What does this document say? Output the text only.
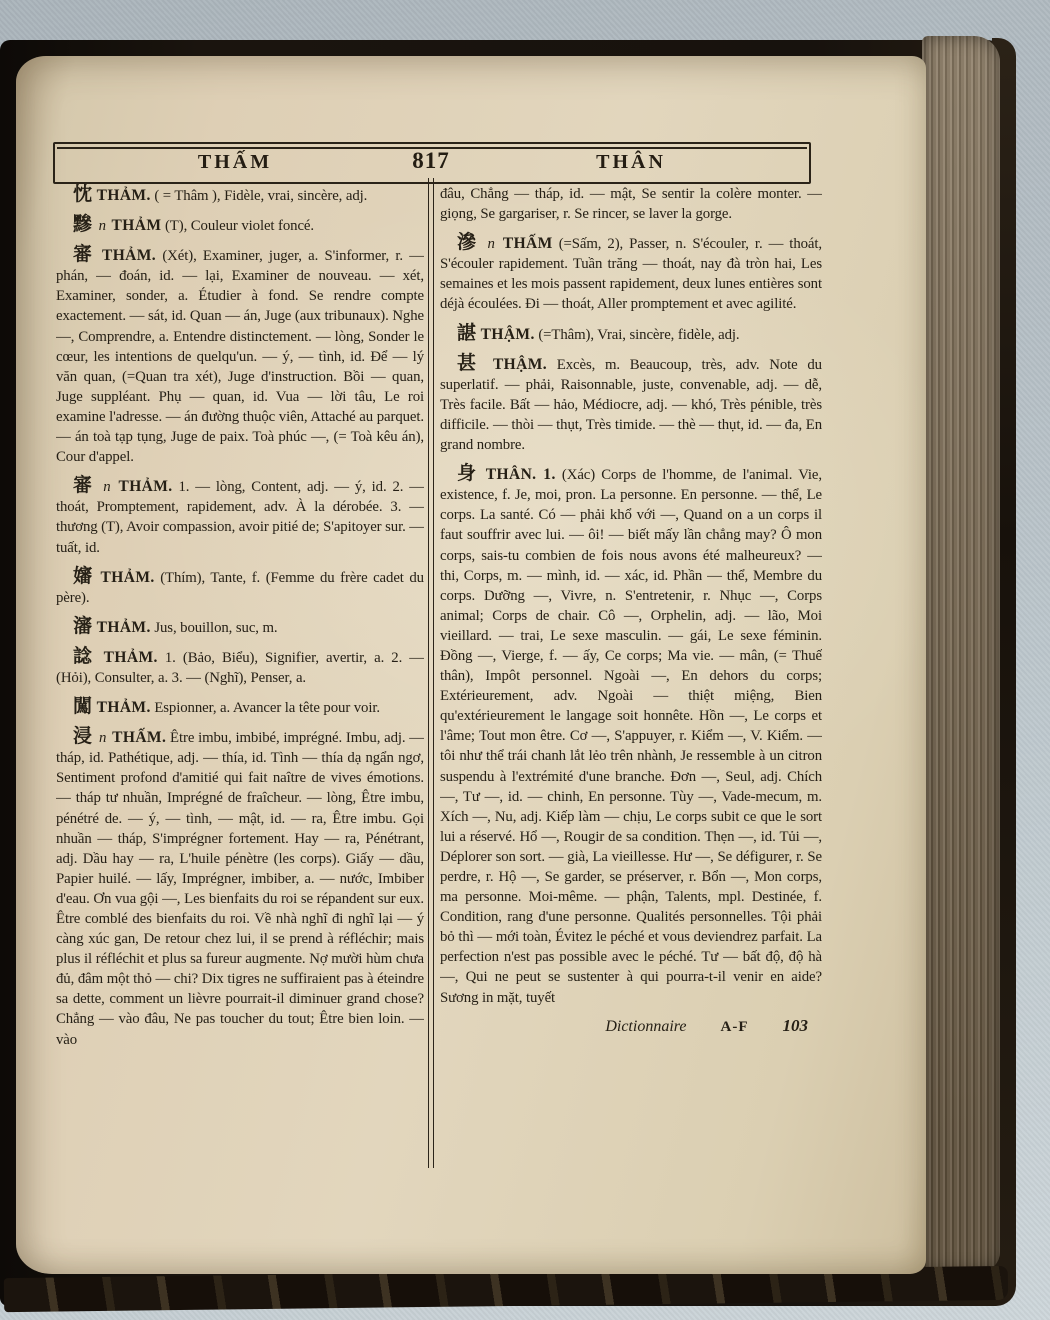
THẤM	817	THÂN

忱 THẢM. ( = Thâm ), Fidèle, vrai, sincère, adj.

黲 n THẢM (T), Couleur violet foncé.

審 THẢM. (Xét), Examiner, juger, a. S'informer, r. — phán, — đoán, id. — lại, Examiner de nouveau. — xét, Examiner, sonder, a. Étudier à fond. Se rendre compte exactement. — sát, id. Quan — án, Juge (aux tribunaux). Nghe —, Comprendre, a. Entendre distinctement. — lòng, Sonder le cœur, les intentions de quelqu'un. — ý, — tình, id. Để — lý văn quan, (=Quan tra xét), Juge d'instruction. Bồi — quan, Juge suppléant. Phụ — quan, id. Vua — lời tâu, Le roi examine l'adresse. — án đường thuộc viên, Attaché au parquet. — án toà tạp tụng, Juge de paix. Toà phúc —, (= Toà kêu án), Cour d'appel.

審 n THẢM. 1. — lòng, Content, adj. — ý, id. 2. — thoát, Promptement, rapidement, adv. À la dérobée. 3. — thương (T), Avoir compassion, avoir pitié de; S'apitoyer sur. — tuất, id.

嬸 THẢM. (Thím), Tante, f. (Femme du frère cadet du père).

瀋 THẢM. Jus, bouillon, suc, m.

諗 THẢM. 1. (Bảo, Biểu), Signifier, avertir, a. 2. — (Hỏi), Consulter, a. 3. — (Nghĩ), Penser, a.

闖 THẢM. Espionner, a. Avancer la tête pour voir.

浸 n THẤM. Être imbu, imbibé, imprégné. Imbu, adj. — tháp, id. Pathétique, adj. — thía, id. Tình — thía dạ ngẩn ngơ, Sentiment profond d'amitié qui fait naître de vives émotions. — tháp tư nhuần, Imprégné de fraîcheur. — lòng, Être imbu, pénétré de. — ý, — tình, — mật, id. — ra, Être imbu. Gọi nhuần — tháp, S'imprégner fortement. Hay — ra, Pénétrant, adj. Dầu hay — ra, L'huile pénètre (les corps). Giấy — dầu, Papier huilé. — lấy, Imprégner, imbiber, a. — nước, Imbiber d'eau. Ơn vua gội —, Les bienfaits du roi se répandent sur eux. Être comblé des bienfaits du roi. Về nhà nghĩ đi nghĩ lại — ý càng xúc gan, De retour chez lui, il se prend à réfléchir; mais plus il réfléchit et plus sa fureur augmente. Nợ mười hùm chưa đủ, đâm một thỏ — chi? Dix tigres ne suffiraient pas à éteindre sa dette, comment un lièvre pourrait-il diminuer grand chose? Chẳng — vào đâu, Ne pas toucher du tout; Être bien loin. — vào

đâu, Chẳng — tháp, id. — mật, Se sentir la colère monter. — giọng, Se gargariser, r. Se rincer, se laver la gorge.

滲 n THẤM (=Sấm, 2), Passer, n. S'écouler, r. — thoát, S'écouler rapidement. Tuần trăng — thoát, nay đà tròn hai, Les semaines et les mois passent rapidement, deux lunes entières sont déjà écoulées. Đi — thoát, Aller promptement et avec agilité.

諶 THẬM. (=Thâm), Vrai, sincère, fidèle, adj.

甚 THẬM. Excès, m. Beaucoup, très, adv. Note du superlatif. — phải, Raisonnable, juste, convenable, adj. — dễ, Très facile. Bất — hảo, Médiocre, adj. — khó, Très pénible, très difficile. — thòi — thụt, Très timide. — thè — thụt, id. — đa, En grand nombre.

身 THÂN. 1. (Xác) Corps de l'homme, de l'animal. Vie, existence, f. Je, moi, pron. La personne. En personne. — thể, Le corps. La santé. Có — phải khổ với —, Quand on a un corps il faut souffrir avec lui. — ôi! — biết mấy lần chẳng may? Ô mon corps, sais-tu combien de fois nous avons été malheureux? — thi, Corps, m. — mình, id. — xác, id. Phần — thể, Membre du corps. Dưỡng —, Vivre, n. S'entretenir, r. Nhục —, Corps animal; Corps de chair. Cô —, Orphelin, adj. — lão, Moi vieillard. — trai, Le sexe masculin. — gái, Le sexe féminin. Đồng —, Vierge, f. — ấy, Ce corps; Ma vie. — mân, (= Thuế thân), Impôt personnel. Ngoài —, En dehors du corps; Extérieurement, adv. Ngoài — thiệt miệng, Bien qu'extérieurement le langage soit honnête. Hồn —, Le corps et l'âme; Tout mon être. Cơ —, S'appuyer, r. Kiểm —, V. Kiểm. — tôi như thể trái chanh lắt lẻo trên nhành, Je ressemble à un citron suspendu à l'extrémité d'une branche. Đơn —, Seul, adj. Chích —, Tư —, id. — chinh, En personne. Tùy —, Vade-mecum, m. Xích —, Nu, adj. Kiếp làm — chịu, Le corps subit ce que le sort lui a réservé. Hổ —, Rougir de sa condition. Thẹn —, id. Tủi —, Déplorer son sort. — già, La vieillesse. Hư —, Se défigurer, r. Se perdre, r. Hộ —, Se garder, se préserver, r. Bổn —, Mon corps, ma personne. Moi-même. — phận, Talents, mpl. Destinée, f. Condition, rang d'une personne. Qualités personnelles. Tội phải bỏ thì — mới toàn, Évitez le péché et vous deviendrez parfait. La perfection n'est pas possible avec le péché. Tư — bất độ, độ hà —, Qui ne peut se sustenter à qui pourra-t-il venir en aide? Sương in mặt, tuyết

Dictionnaire A-F 103
